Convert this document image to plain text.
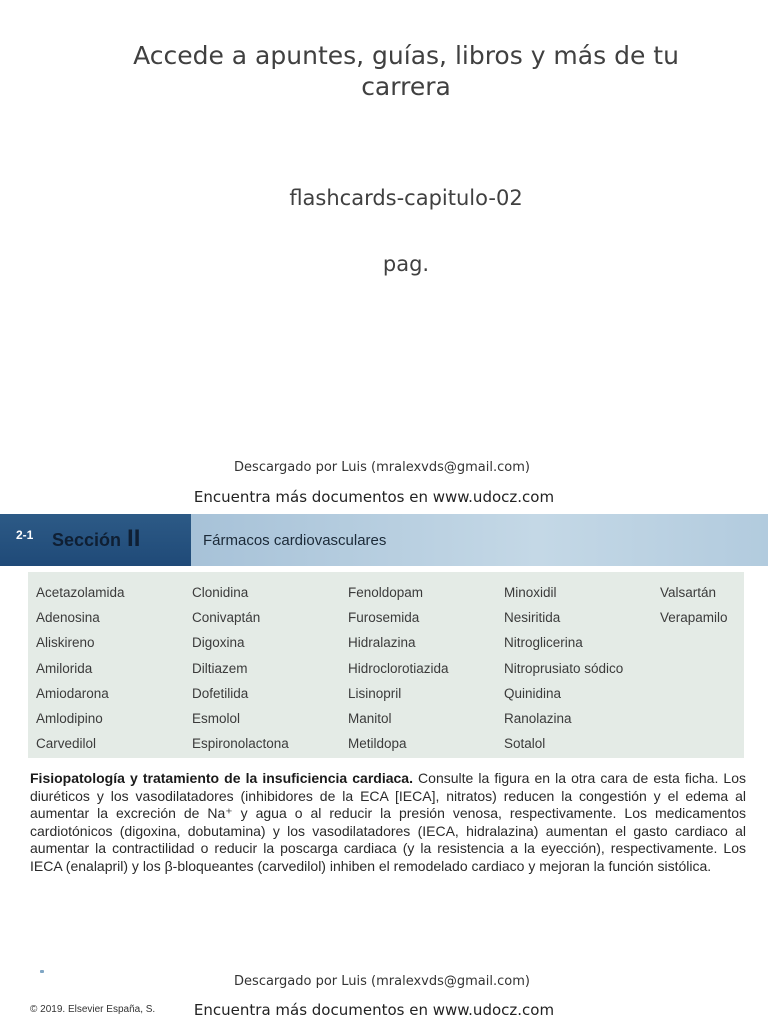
Accede a apuntes, guías, libros y más de tu carrera
flashcards-capitulo-02
pag.
Descargado por Luis (mralexvds@gmail.com)
Encuentra más documentos en www.udocz.com
2-1 Sección II	Fármacos cardiovasculares
Acetazolamida
Adenosina
Aliskireno
Amilorida
Amiodarona
Amlodipino
Carvedilol
Clonidina
Conivaptán
Digoxina
Diltiazem
Dofetilida
Esmolol
Espironolactona
Fenoldopam
Furosemida
Hidralazina
Hidroclorotiazida
Lisinopril
Manitol
Metildopa
Minoxidil
Nesiritida
Nitroglicerina
Nitroprusiato sódico
Quinidina
Ranolazina
Sotalol
Valsartán
Verapamilo
Fisiopatología y tratamiento de la insuficiencia cardiaca. Consulte la figura en la otra cara de esta ficha. Los diuréticos y los vasodilatadores (inhibidores de la ECA [IECA], nitratos) reducen la congestión y el edema al aumentar la excreción de Na⁺ y agua o al reducir la presión venosa, respectivamente. Los medicamentos cardiotónicos (digoxina, dobutamina) y los vasodilatadores (IECA, hidralazina) aumentan el gasto cardiaco al aumentar la contractilidad o reducir la poscarga cardiaca (y la resistencia a la eyección), respectivamente. Los IECA (enalapril) y los β-bloqueantes (carvedilol) inhiben el remodelado cardiaco y mejoran la función sistólica.
Descargado por Luis (mralexvds@gmail.com)
© 2019. Elsevier España, S.	Encuentra más documentos en www.udocz.com
